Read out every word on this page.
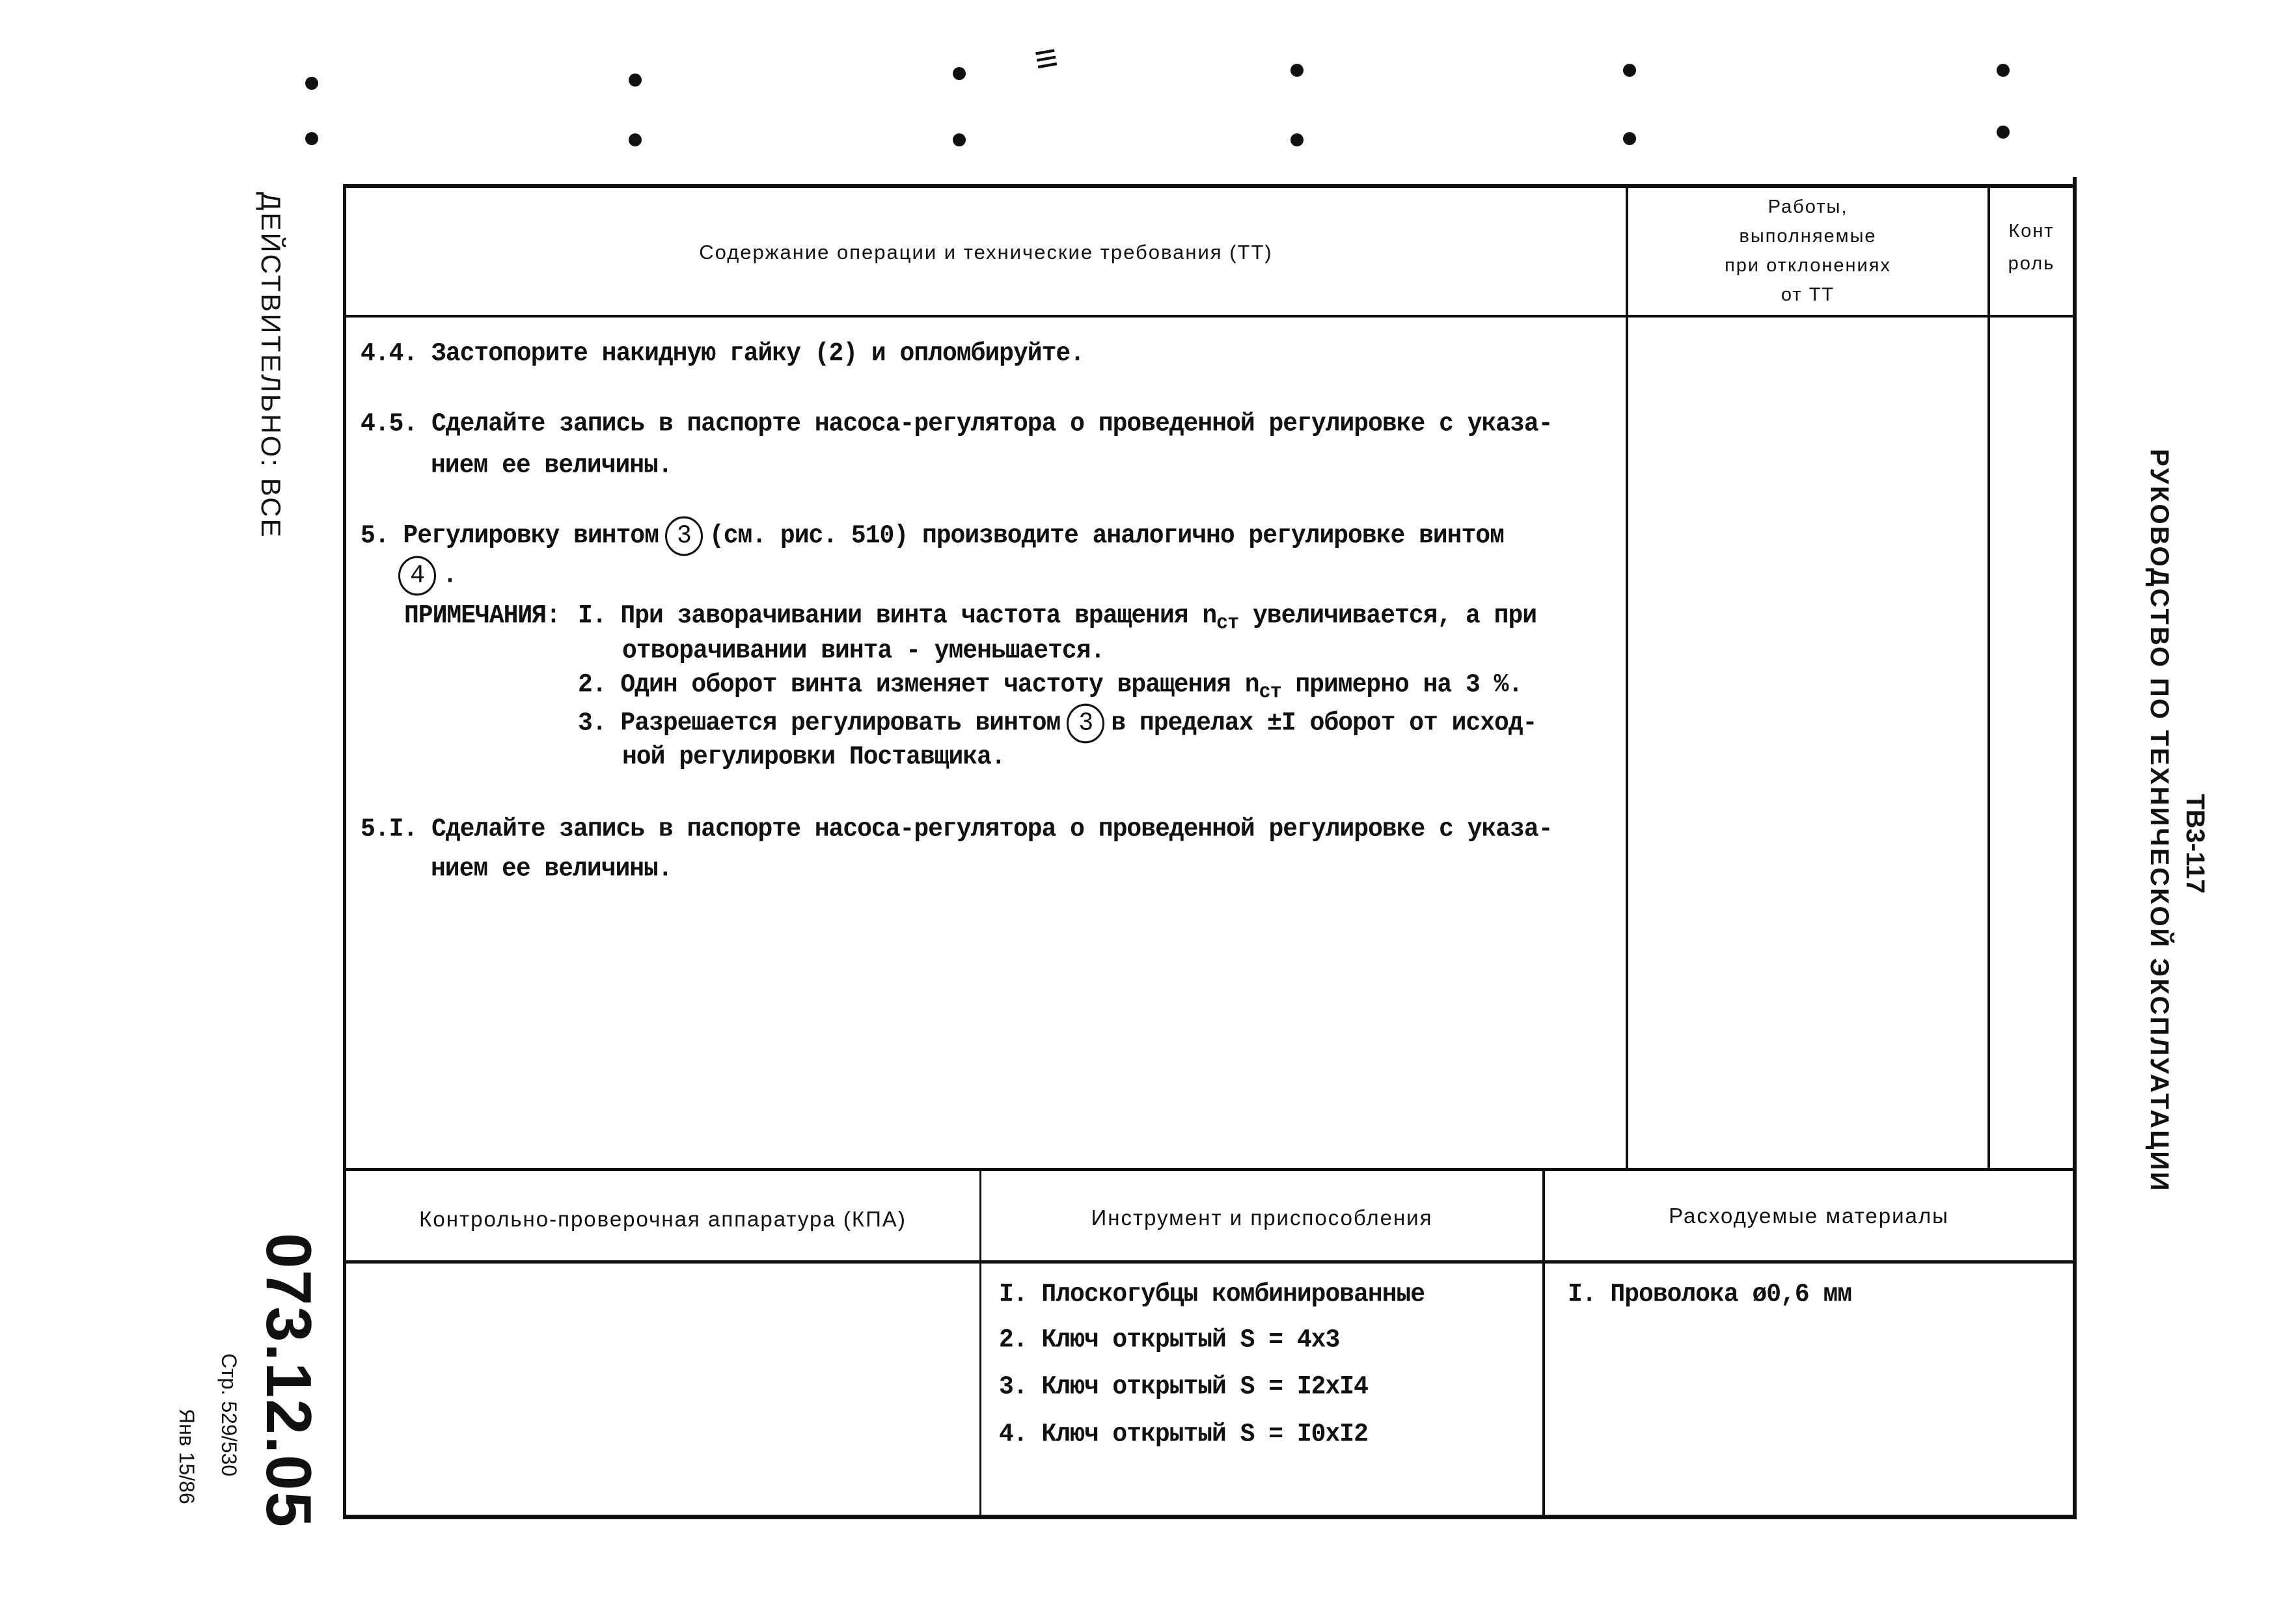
≡
ДЕЙСТВИТЕЛЬНО: ВСЕ
073.12.05
Стр. 529/530
Янв 15/86
ТВ3-117
РУКОВОДСТВО ПО ТЕХНИЧЕСКОЙ ЭКСПЛУАТАЦИИ
Содержание операции и технические требования (ТТ)
Работы,
выполняемые
при отклонениях
от ТТ
Конт
роль
4.4. Застопорите накидную гайку (2) и опломбируйте.
4.5. Сделайте запись в паспорте насоса-регулятора о проведенной регулировке с указа-
нием ее величины.
5. Регулировку винтом 3 (см. рис. 510) производите аналогично регулировке винтом
4 .
ПРИМЕЧАНИЯ: I. При заворачивании винта частота вращения $n_{ст}$ увеличивается, а при
отворачивании винта - уменьшается.
2. Один оборот винта изменяет частоту вращения $n_{ст}$ примерно на 3 %.
3. Разрешается регулировать винтом 3 в пределах ±I оборот от исход-
ной регулировки Поставщика.
5.I. Сделайте запись в паспорте насоса-регулятора о проведенной регулировке с указа-
нием ее величины.
Контрольно-проверочная аппаратура (КПА)	Инструмент и приспособления	Расходуемые материалы
I. Плоскогубцы комбинированные
2. Ключ открытый S = 4x3
3. Ключ открытый S = I2xI4
4. Ключ открытый S = I0xI2
I. Проволока ø0,6 мм
